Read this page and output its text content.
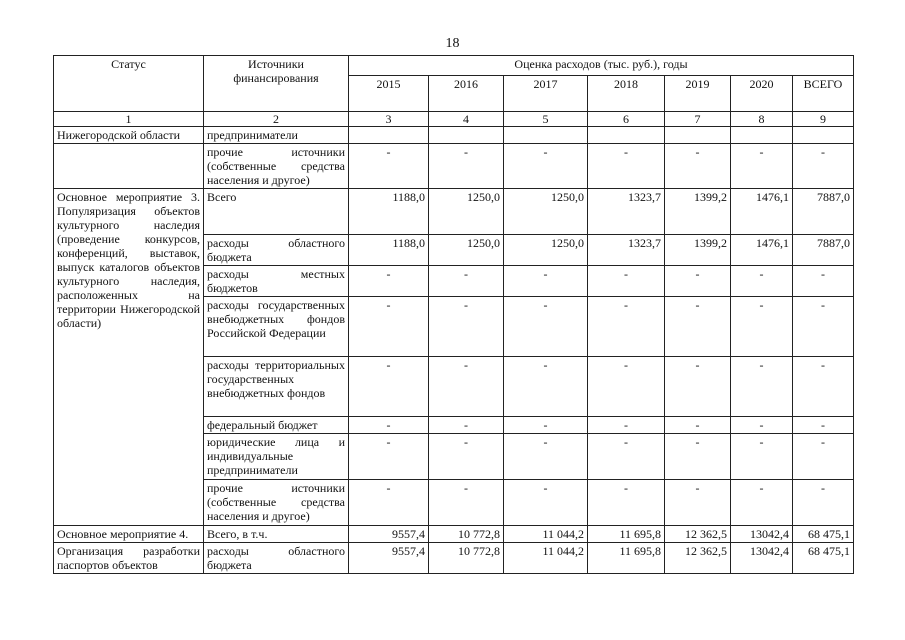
18
Статус	Источники финансирования	Оценка расходов (тыс. руб.), годы						
		2015	2016	2017	2018	2019	2020	ВСЕГО
1	2	3	4	5	6	7	8	9
Нижегородской области	предприниматели							
	прочие источники (собственные средства населения и другое)	-	-	-	-	-	-	-
Основное мероприятие 3. Популяризация объектов культурного наследия (проведение конкурсов, конференций, выставок, выпуск каталогов объектов культурного наследия, расположенных на территории Нижегородской области)	Всего	1188,0	1250,0	1250,0	1323,7	1399,2	1476,1	7887,0
	расходы областного бюджета	1188,0	1250,0	1250,0	1323,7	1399,2	1476,1	7887,0
	расходы местных бюджетов	-	-	-	-	-	-	-
	расходы государственных внебюджетных фондов Российской Федерации	-	-	-	-	-	-	-
	расходы территориальных государственных внебюджетных фондов	-	-	-	-	-	-	-
	федеральный бюджет	-	-	-	-	-	-	-
	юридические лица и индивидуальные предприниматели	-	-	-	-	-	-	-
	прочие источники (собственные средства населения и другое)	-	-	-	-	-	-	-
Основное мероприятие 4.	Всего, в т.ч.	9557,4	10 772,8	11 044,2	11 695,8	12 362,5	13042,4	68 475,1
Организация разработки паспортов объектов	расходы областного бюджета	9557,4	10 772,8	11 044,2	11 695,8	12 362,5	13042,4	68 475,1
